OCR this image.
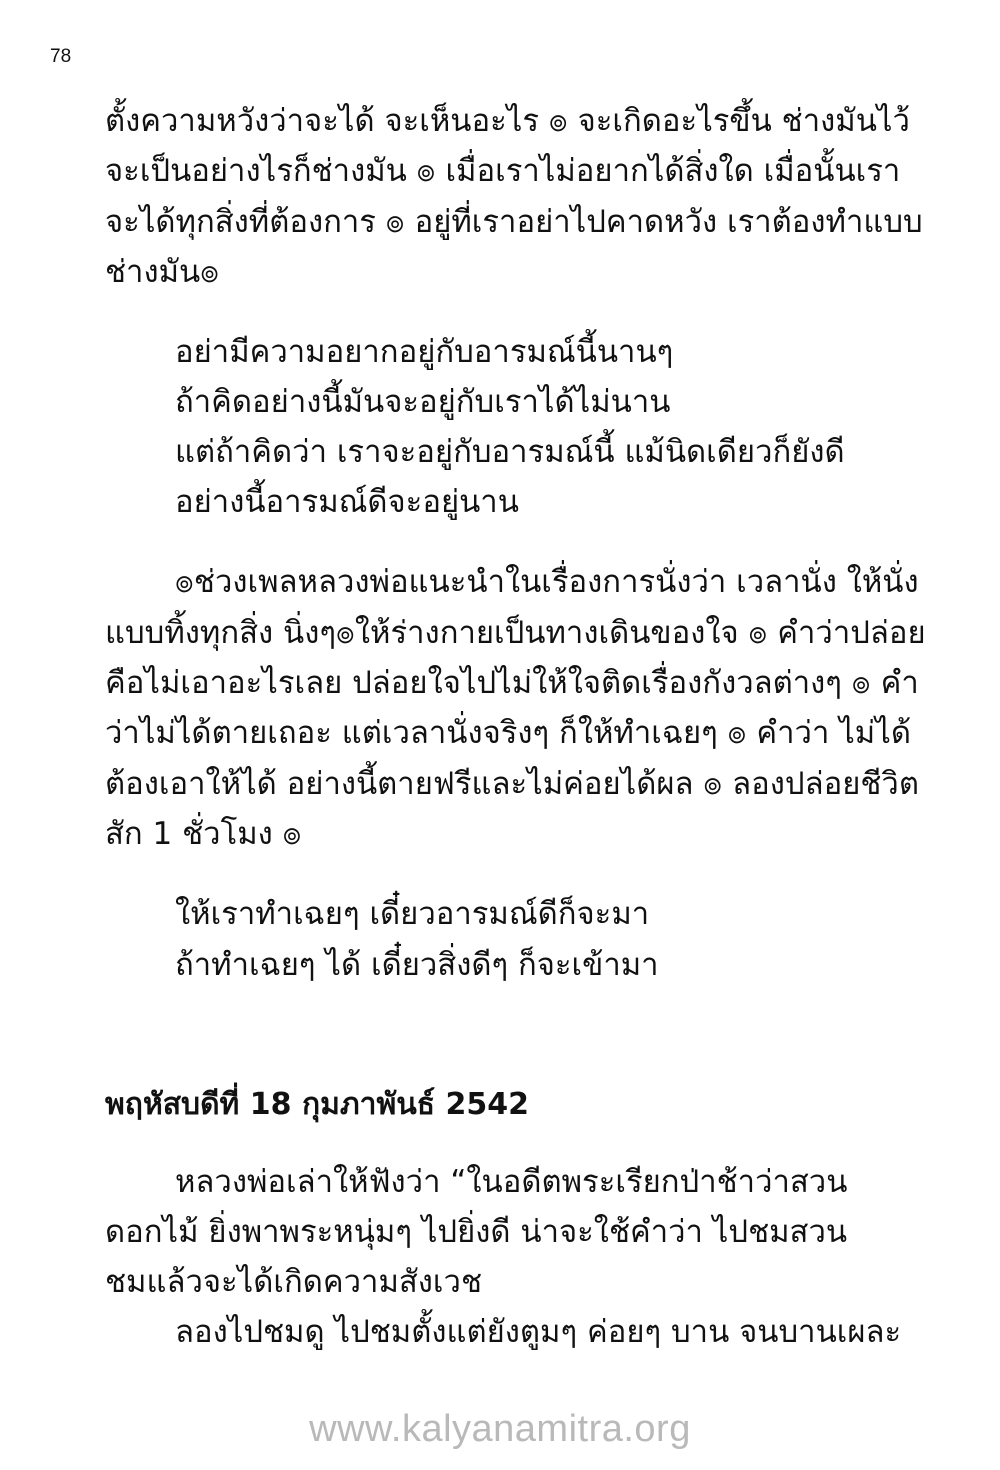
78
ตั้งความหวังว่าจะได้ จะเห็นอะไร ๏ จะเกิดอะไรขึ้น ช่างมันไว้
จะเป็นอย่างไรก็ช่างมัน ๏ เมื่อเราไม่อยากได้สิ่งใด เมื่อนั้นเรา
จะได้ทุกสิ่งที่ต้องการ ๏ อยู่ที่เราอย่าไปคาดหวัง เราต้องทำแบบ
ช่างมัน๏
อย่ามีความอยากอยู่กับอารมณ์นี้นานๆ
ถ้าคิดอย่างนี้มันจะอยู่กับเราได้ไม่นาน
แต่ถ้าคิดว่า เราจะอยู่กับอารมณ์นี้ แม้นิดเดียวก็ยังดี
อย่างนี้อารมณ์ดีจะอยู่นาน
๏ช่วงเพลหลวงพ่อแนะนำในเรื่องการนั่งว่า เวลานั่ง ให้นั่ง
แบบทิ้งทุกสิ่ง นิ่งๆ๏ให้ร่างกายเป็นทางเดินของใจ ๏ คำว่าปล่อย
คือไม่เอาอะไรเลย ปล่อยใจไปไม่ให้ใจติดเรื่องกังวลต่างๆ ๏ คำ
ว่าไม่ได้ตายเถอะ แต่เวลานั่งจริงๆ ก็ให้ทำเฉยๆ ๏ คำว่า ไม่ได้
ต้องเอาให้ได้ อย่างนี้ตายฟรีและไม่ค่อยได้ผล ๏ ลองปล่อยชีวิต
สัก 1 ชั่วโมง ๏
ให้เราทำเฉยๆ เดี๋ยวอารมณ์ดีก็จะมา
ถ้าทำเฉยๆ ได้ เดี๋ยวสิ่งดีๆ ก็จะเข้ามา
พฤหัสบดีที่ 18 กุมภาพันธ์ 2542
หลวงพ่อเล่าให้ฟังว่า “ในอดีตพระเรียกป่าช้าว่าสวน
ดอกไม้ ยิ่งพาพระหนุ่มๆ ไปยิ่งดี น่าจะใช้คำว่า ไปชมสวน
ชมแล้วจะได้เกิดความสังเวช
ลองไปชมดู ไปชมตั้งแต่ยังตูมๆ ค่อยๆ บาน จนบานเผละ
www.kalyanamitra.org
